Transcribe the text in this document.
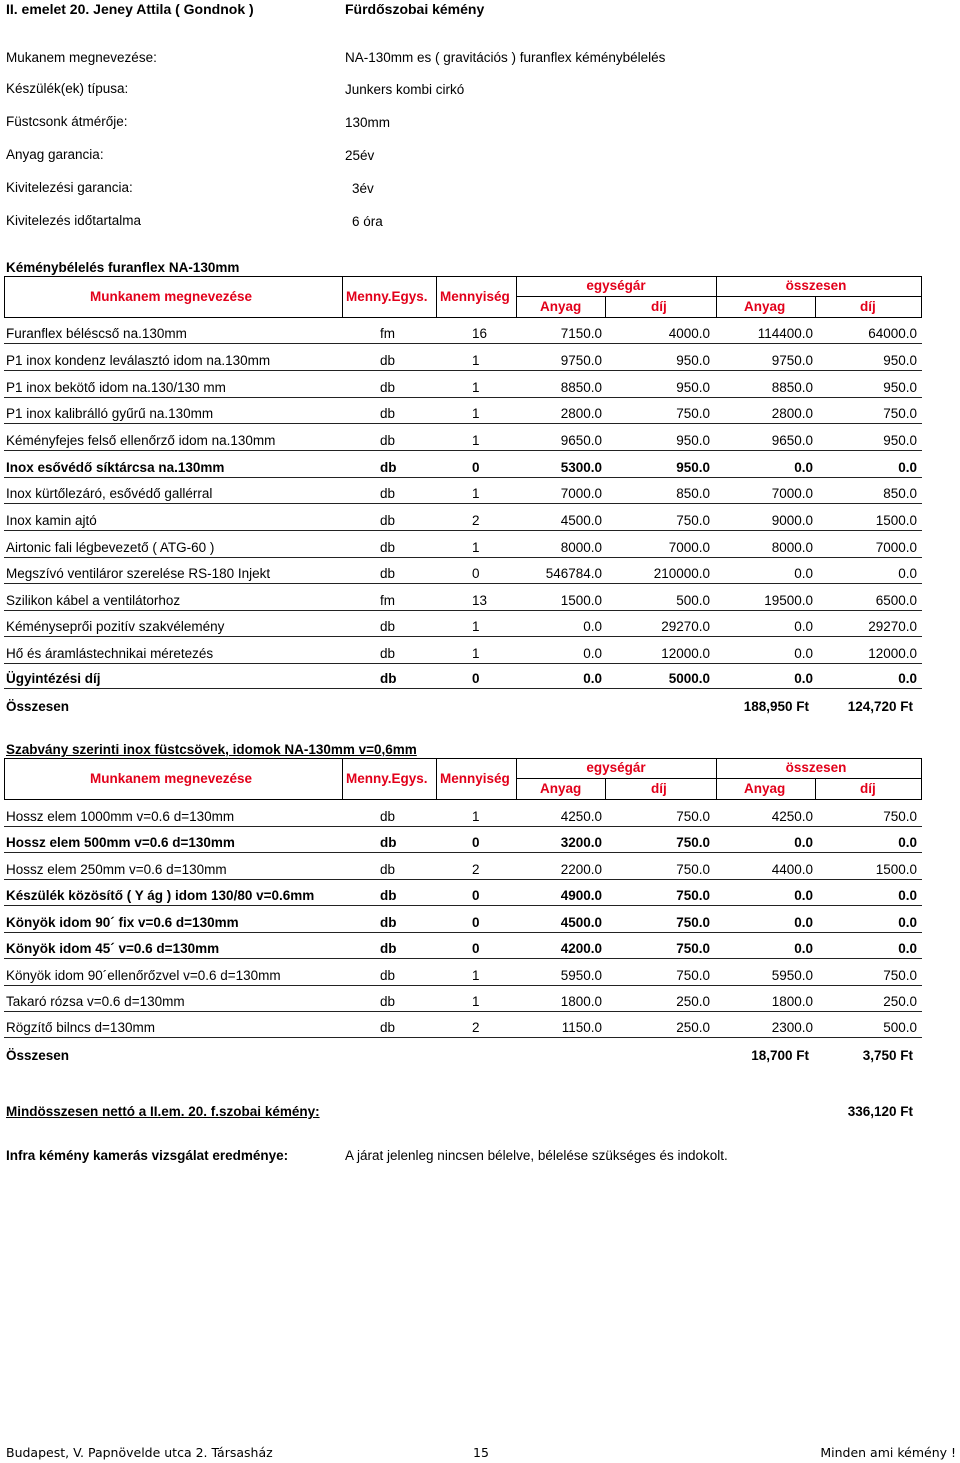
II. emelet 20. Jeney Attila ( Gondnok )	Fürdőszobai kémény
Mukanem megnevezése:	NA-130mm es ( gravitációs ) furanflex kéménybélelés
Készülék(ek) típusa:	Junkers kombi cirkó
Füstcsonk átmérője:	130mm
Anyag garancia:	25év
Kivitelezési garancia:	3év
Kivitelezés időtartalma	6 óra
Kéménybélelés furanflex NA-130mm
Munkanem megnevezése	Menny.Egys. Mennyiség
egységár	összesen
Anyag	díj	Anyag	díj
Furanflex béléscső na.130mm	fm	16	7150.0	4000.0	114400.0	64000.0
P1 inox kondenz leválasztó idom na.130mm	db	1	9750.0	950.0	9750.0	950.0
P1 inox bekötő idom na.130/130 mm	db	1	8850.0	950.0	8850.0	950.0
P1 inox kalibrálló gyűrű na.130mm	db	1	2800.0	750.0	2800.0	750.0
Kéményfejes felső ellenőrző idom na.130mm	db	1	9650.0	950.0	9650.0	950.0
Inox esővédő síktárcsa na.130mm	db	0	5300.0	950.0	0.0	0.0
Inox kürtőlezáró, esővédő gallérral	db	1	7000.0	850.0	7000.0	850.0
Inox kamin ajtó	db	2	4500.0	750.0	9000.0	1500.0
Airtonic fali légbevezető ( ATG-60 )	db	1	8000.0	7000.0	8000.0	7000.0
Megszívó ventiláror szerelése RS-180 Injekt	db	0	546784.0	210000.0	0.0	0.0
Szilikon kábel a ventilátorhoz	fm	13	1500.0	500.0	19500.0	6500.0
Kéményseprői pozitív szakvélemény	db	1	0.0	29270.0	0.0	29270.0
Hő és áramlástechnikai méretezés	db	1	0.0	12000.0	0.0	12000.0
Ügyintézési díj	db	0	0.0	5000.0	0.0	0.0
Összesen	188,950 Ft	124,720 Ft
Szabvány szerinti inox füstcsövek, idomok NA-130mm v=0,6mm
Munkanem megnevezése	Menny.Egys. Mennyiség
egységár	összesen
Anyag	díj	Anyag	díj
Hossz elem 1000mm v=0.6 d=130mm	db	1	4250.0	750.0	4250.0	750.0
Hossz elem 500mm v=0.6 d=130mm	db	0	3200.0	750.0	0.0	0.0
Hossz elem 250mm v=0.6 d=130mm	db	2	2200.0	750.0	4400.0	1500.0
Készülék közösítő ( Y ág ) idom 130/80 v=0.6mm	db	0	4900.0	750.0	0.0	0.0
Könyök idom 90´ fix v=0.6 d=130mm	db	0	4500.0	750.0	0.0	0.0
Könyök idom 45´ v=0.6 d=130mm	db	0	4200.0	750.0	0.0	0.0
Könyök idom 90´ellenőrőzvel v=0.6 d=130mm	db	1	5950.0	750.0	5950.0	750.0
Takaró rózsa v=0.6 d=130mm	db	1	1800.0	250.0	1800.0	250.0
Rögzítő bilncs d=130mm	db	2	1150.0	250.0	2300.0	500.0
Összesen	18,700 Ft	3,750 Ft
Mindösszesen nettó a II.em. 20. f.szobai kémény:	336,120 Ft
Infra kémény kamerás vizsgálat eredménye:	A járat jelenleg nincsen bélelve, bélelése szükséges és indokolt.
Budapest, V. Papnövelde utca 2. Társasház	15	Minden ami kémény !
